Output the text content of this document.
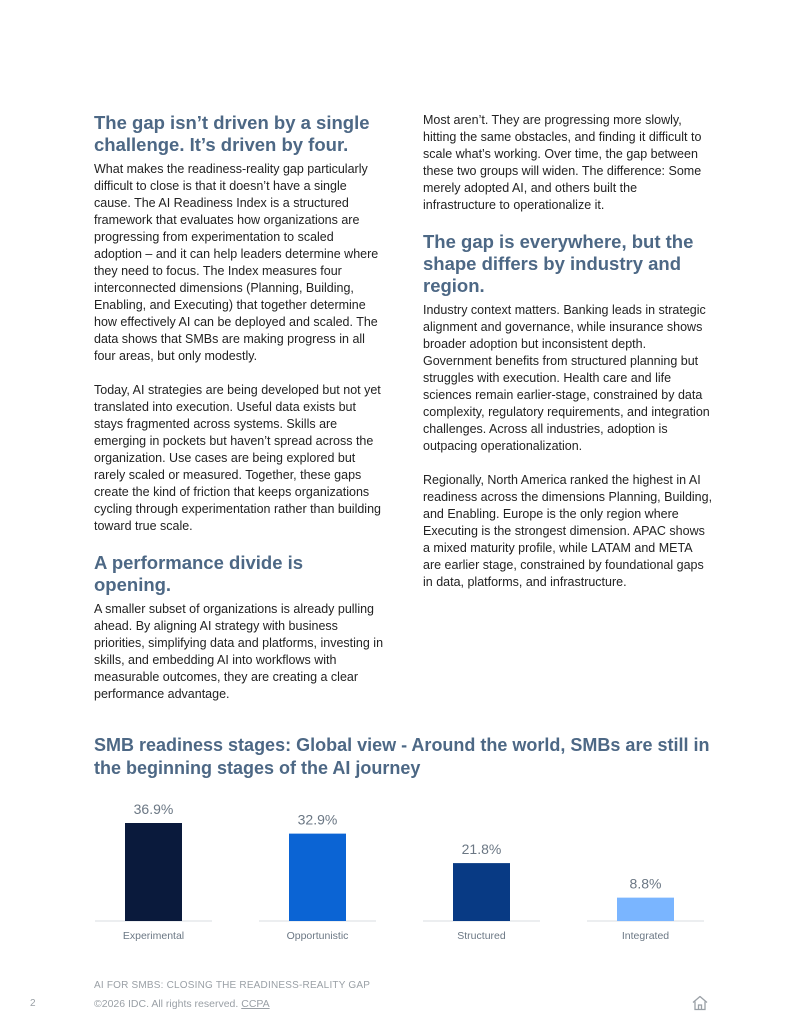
The gap isn’t driven by a single challenge. It’s driven by four.

What makes the readiness-reality gap particularly difficult to close is that it doesn’t have a single cause. The AI Readiness Index is a structured framework that evaluates how organizations are progressing from experimentation to scaled adoption – and it can help leaders determine where they need to focus. The Index measures four interconnected dimensions (Planning, Building, Enabling, and Executing) that together determine how effectively AI can be deployed and scaled. The data shows that SMBs are making progress in all four areas, but only modestly.

Today, AI strategies are being developed but not yet translated into execution. Useful data exists but stays fragmented across systems. Skills are emerging in pockets but haven’t spread across the organization. Use cases are being explored but rarely scaled or measured. Together, these gaps create the kind of friction that keeps organizations cycling through experimentation rather than building toward true scale.

A performance divide is opening.

A smaller subset of organizations is already pulling ahead. By aligning AI strategy with business priorities, simplifying data and platforms, investing in skills, and embedding AI into workflows with measurable outcomes, they are creating a clear performance advantage.

Most aren’t. They are progressing more slowly, hitting the same obstacles, and finding it difficult to scale what’s working. Over time, the gap between these two groups will widen. The difference: Some merely adopted AI, and others built the infrastructure to operationalize it.

The gap is everywhere, but the shape differs by industry and region.

Industry context matters. Banking leads in strategic alignment and governance, while insurance shows broader adoption but inconsistent depth. Government benefits from structured planning but struggles with execution. Health care and life sciences remain earlier-stage, constrained by data complexity, regulatory requirements, and integration challenges. Across all industries, adoption is outpacing operationalization.

Regionally, North America ranked the highest in AI readiness across the dimensions Planning, Building, and Enabling. Europe is the only region where Executing is the strongest dimension. APAC shows a mixed maturity profile, while LATAM and META are earlier stage, constrained by foundational gaps in data, platforms, and infrastructure.

SMB readiness stages: Global view - Around the world, SMBs are still in the beginning stages of the AI journey
36.9%
Experimental
32.9%
Opportunistic
21.8%
Structured
8.8%
Integrated
2
AI FOR SMBS: CLOSING THE READINESS-REALITY GAP
©2026 IDC. All rights reserved. CCPA
